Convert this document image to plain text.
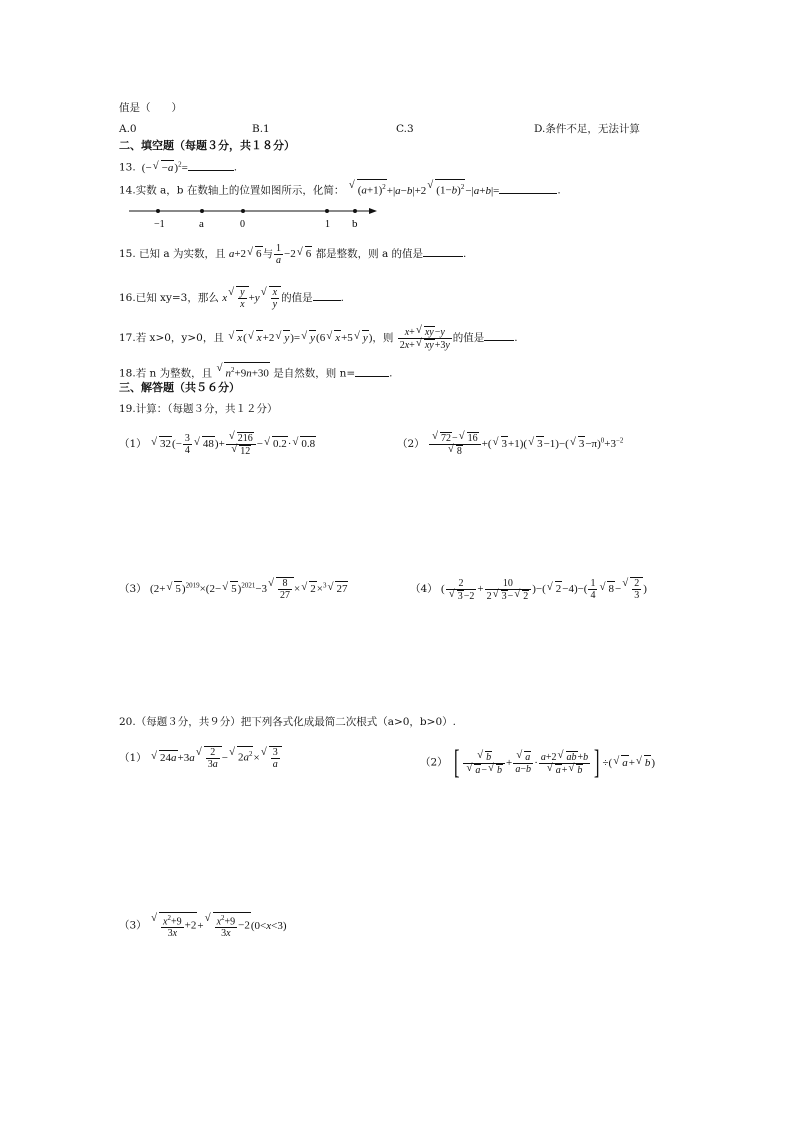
值是（　　）
A.0	B.1	C.3	D.条件不足，无法计算
二、填空题（每题３分，共１８分）
13.  (−√ −a)$^2$=	.
14.实数 a，b 在数轴上的位置如图所示，化简： √ $(a+1)^2+|a-b|+2√$ $(1-b)^2-|a+b|=$	.
−1	a	0	1 b
15. 已知 a 为实数，且 a+2√ 6与 $\frac{1}{a} -2√$ 6 都是整数，则 a 的值是	.
16.已知 xy=3，那么 x
√ $\frac{y}{x} +y$
√ $\frac{x}{y}$ 的值是	.
17.若 x>0，y>0，且 √ x(√ x+2√ y)=√ y(6√ x+5√ y)，则 $\frac{x+√ xy-y}{2x+√ xy+3y}$ 的值是	.
18.若 n 为整数，且 √ $n^2+9n+30$ 是自然数，则 n=	.
三、解答题（共５６分）
19.计算：（每题３分，共１２分）
（1） √ $32(- \frac{3}{4}$
√ 48)+
√ 216
√ 12 −√ 0.2·√ 0.8	（2）
√ 72−√ 16
√ 8 +(√ 3+1)(√ 3−1)−(√ $3-\pi)^0+3^{-2}$
（3） (2+√ 5)$^{2019}$×(2−√ 5)$^{2021}$−3
√ $\frac{8}{27}$ ×√ 2×$^3$√ 27	（4） ( 2
√ $3-2 + \frac{10}{2√ 3-√ 2}$ )−(√ $2-4)-( \frac{1}{4}$
√ 8−
√ $\frac{2}{3}$ )
20.（每题３分，共９分）把下列各式化成最简二次根式（a>0，b>0）.
（1） √ 24a+3a
√ $\frac{2}{3a}$ −√ $2a^2\times$
√ $\frac{3}{a}$	（2） [
√ b
√ a−√ b +
√ $\frac{a}{a-b} \cdot a+2√$ ab+b
√ a+√ b ] ÷(√ a+√ b)
（3）
√ $\frac{x^2+9}{3x} +2+$
√ $\frac{x^2+9}{3x} -2(0<x<3)$
